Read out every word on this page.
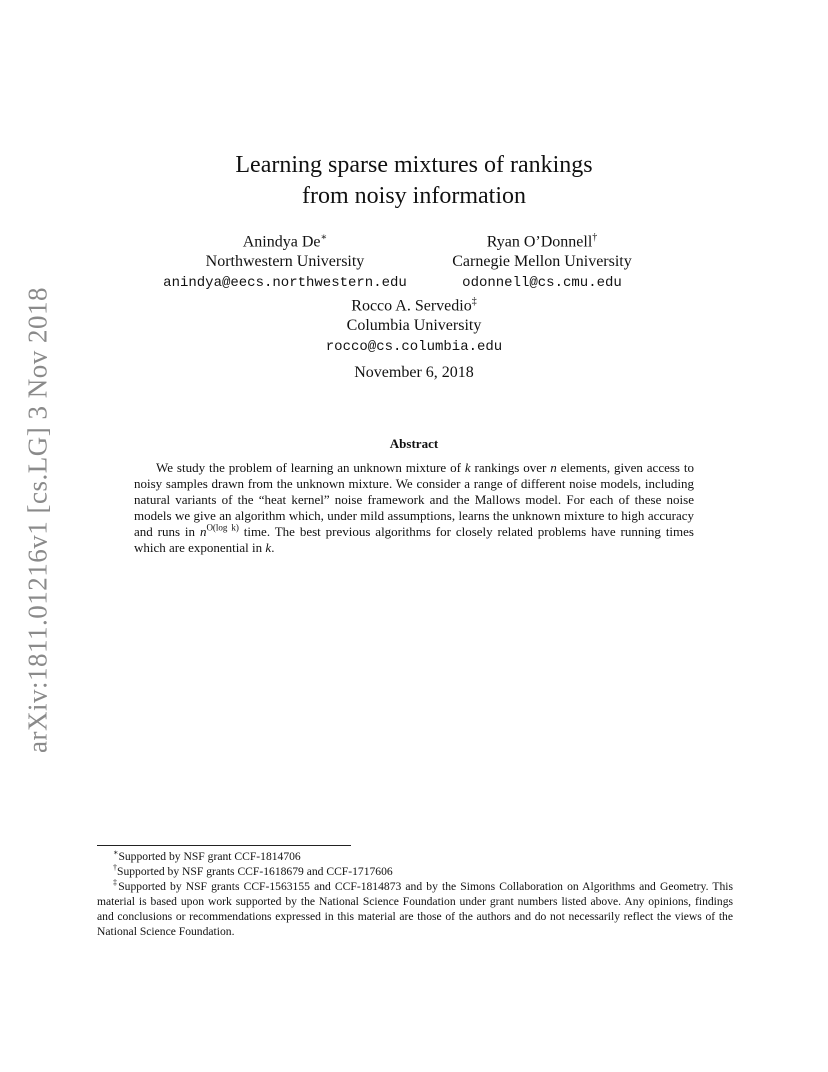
arXiv:1811.01216v1 [cs.LG] 3 Nov 2018
Learning sparse mixtures of rankings
from noisy information
Anindya De∗
Northwestern University
anindya@eecs.northwestern.edu
Ryan O’Donnell†
Carnegie Mellon University
odonnell@cs.cmu.edu
Rocco A. Servedio‡
Columbia University
rocco@cs.columbia.edu
November 6, 2018
Abstract
We study the problem of learning an unknown mixture of k rankings over n elements, given access to noisy samples drawn from the unknown mixture. We consider a range of different noise models, including natural variants of the “heat kernel” noise framework and the Mallows model. For each of these noise models we give an algorithm which, under mild assumptions, learns the unknown mixture to high accuracy and runs in $n^{O(log k)}$ time. The best previous algorithms for closely related problems have running times which are exponential in k.
∗Supported by NSF grant CCF-1814706
†Supported by NSF grants CCF-1618679 and CCF-1717606
‡Supported by NSF grants CCF-1563155 and CCF-1814873 and by the Simons Collaboration on Algorithms and Geometry. This material is based upon work supported by the National Science Foundation under grant numbers listed above. Any opinions, findings and conclusions or recommendations expressed in this material are those of the authors and do not necessarily reflect the views of the National Science Foundation.
